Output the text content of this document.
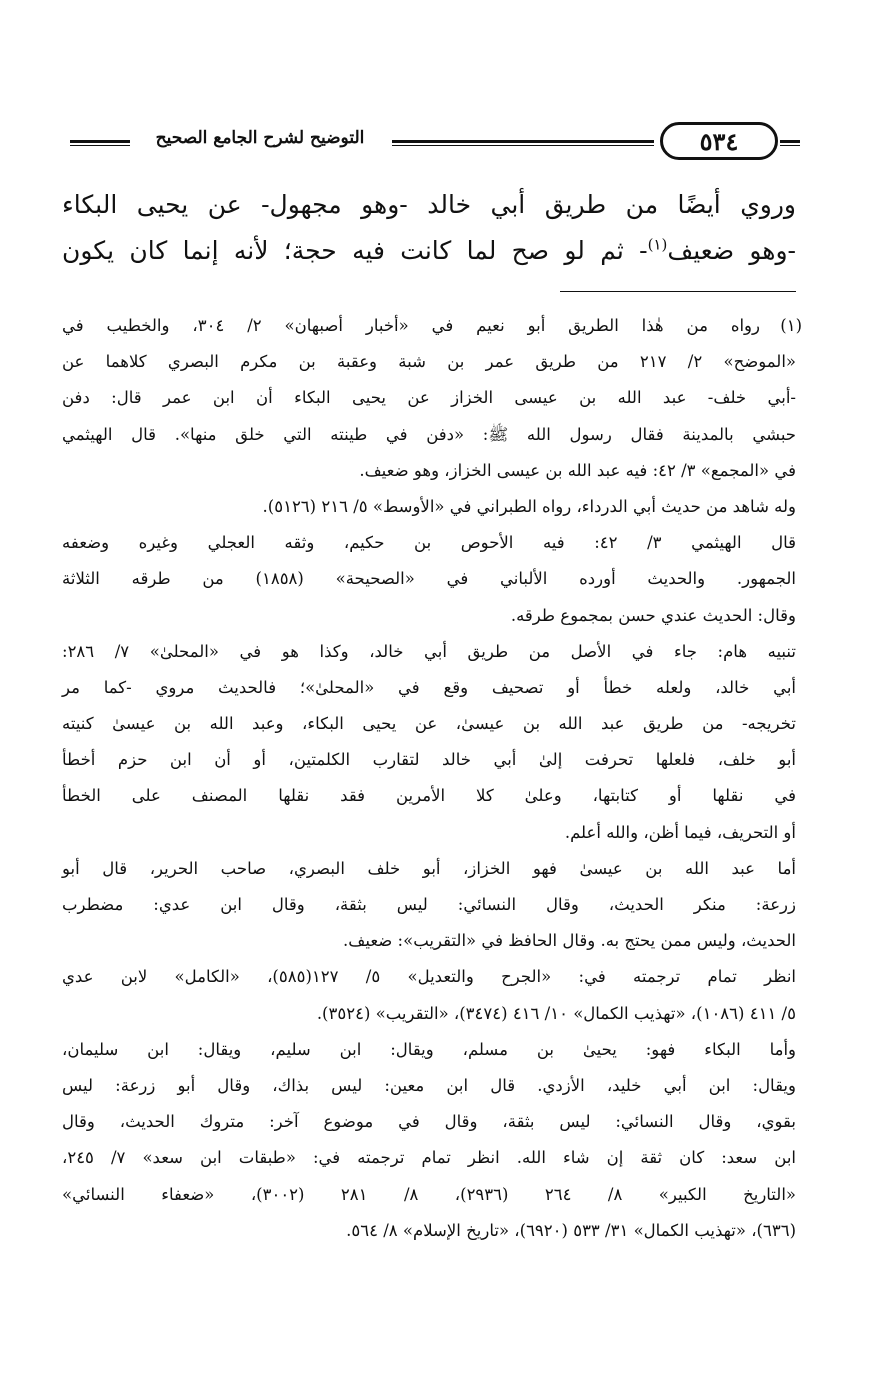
التوضيح لشرح الجامع الصحيح	٥٣٤
وروي أيضًا من طريق أبي خالد -وهو مجهول- عن يحيى البكاء
-وهو ضعيف$^{(١)}$- ثم لو صح لما كانت فيه حجة؛ لأنه إنما كان يكون
(١)
رواه من هٰذا الطريق أبو نعيم في «أخبار أصبهان» ٢/ ٣٠٤، والخطيب في
«الموضح» ٢/ ٢١٧ من طريق عمر بن شبة وعقبة بن مكرم البصري كلاهما عن
-أبي خلف- عبد الله بن عيسى الخزاز عن يحيى البكاء أن ابن عمر قال: دفن
حبشي بالمدينة فقال رسول الله ﷺ: «دفن في طينته التي خلق منها». قال الهيثمي
في «المجمع» ٣/ ٤٢: فيه عبد الله بن عيسى الخزاز، وهو ضعيف.
وله شاهد من حديث أبي الدرداء، رواه الطبراني في «الأوسط» ٥/ ٢١٦ (٥١٢٦).
قال الهيثمي ٣/ ٤٢: فيه الأحوص بن حكيم، وثقه العجلي وغيره وضعفه
الجمهور. والحديث أورده الألباني في «الصحيحة» (١٨٥٨) من طرقه الثلاثة
وقال: الحديث عندي حسن بمجموع طرقه.
تنبيه هام: جاء في الأصل من طريق أبي خالد، وكذا هو في «المحلىٰ» ٧/ ٢٨٦:
أبي خالد، ولعله خطأ أو تصحيف وقع في «المحلىٰ»؛ فالحديث مروي -كما مر
تخريجه- من طريق عبد الله بن عيسىٰ، عن يحيى البكاء، وعبد الله بن عيسىٰ كنيته
أبو خلف، فلعلها تحرفت إلىٰ أبي خالد لتقارب الكلمتين، أو أن ابن حزم أخطأ
في نقلها أو كتابتها، وعلىٰ كلا الأمرين فقد نقلها المصنف على الخطأ
أو التحريف، فيما أظن، والله أعلم.
أما عبد الله بن عيسىٰ فهو الخزاز، أبو خلف البصري، صاحب الحرير، قال أبو
زرعة: منكر الحديث، وقال النسائي: ليس بثقة، وقال ابن عدي: مضطرب
الحديث، وليس ممن يحتج به. وقال الحافظ في «التقريب»: ضعيف.
انظر تمام ترجمته في: «الجرح والتعديل» ٥/ ١٢٧(٥٨٥)، «الكامل» لابن عدي
٥/ ٤١١ (١٠٨٦)، «تهذيب الكمال» ١٠/ ٤١٦ (٣٤٧٤)، «التقريب» (٣٥٢٤).
وأما البكاء فهو: يحيىٰ بن مسلم، ويقال: ابن سليم، ويقال: ابن سليمان،
ويقال: ابن أبي خليد، الأزدي. قال ابن معين: ليس بذاك، وقال أبو زرعة: ليس
بقوي، وقال النسائي: ليس بثقة، وقال في موضوع آخر: متروك الحديث، وقال
ابن سعد: كان ثقة إن شاء الله. انظر تمام ترجمته في: «طبقات ابن سعد» ٧/ ٢٤٥،
«التاريخ الكبير» ٨/ ٢٦٤ (٢٩٣٦)، ٨/ ٢٨١ (٣٠٠٢)، «ضعفاء النسائي»
(٦٣٦)، «تهذيب الكمال» ٣١/ ٥٣٣ (٦٩٢٠)، «تاريخ الإسلام» ٨/ ٥٦٤.
